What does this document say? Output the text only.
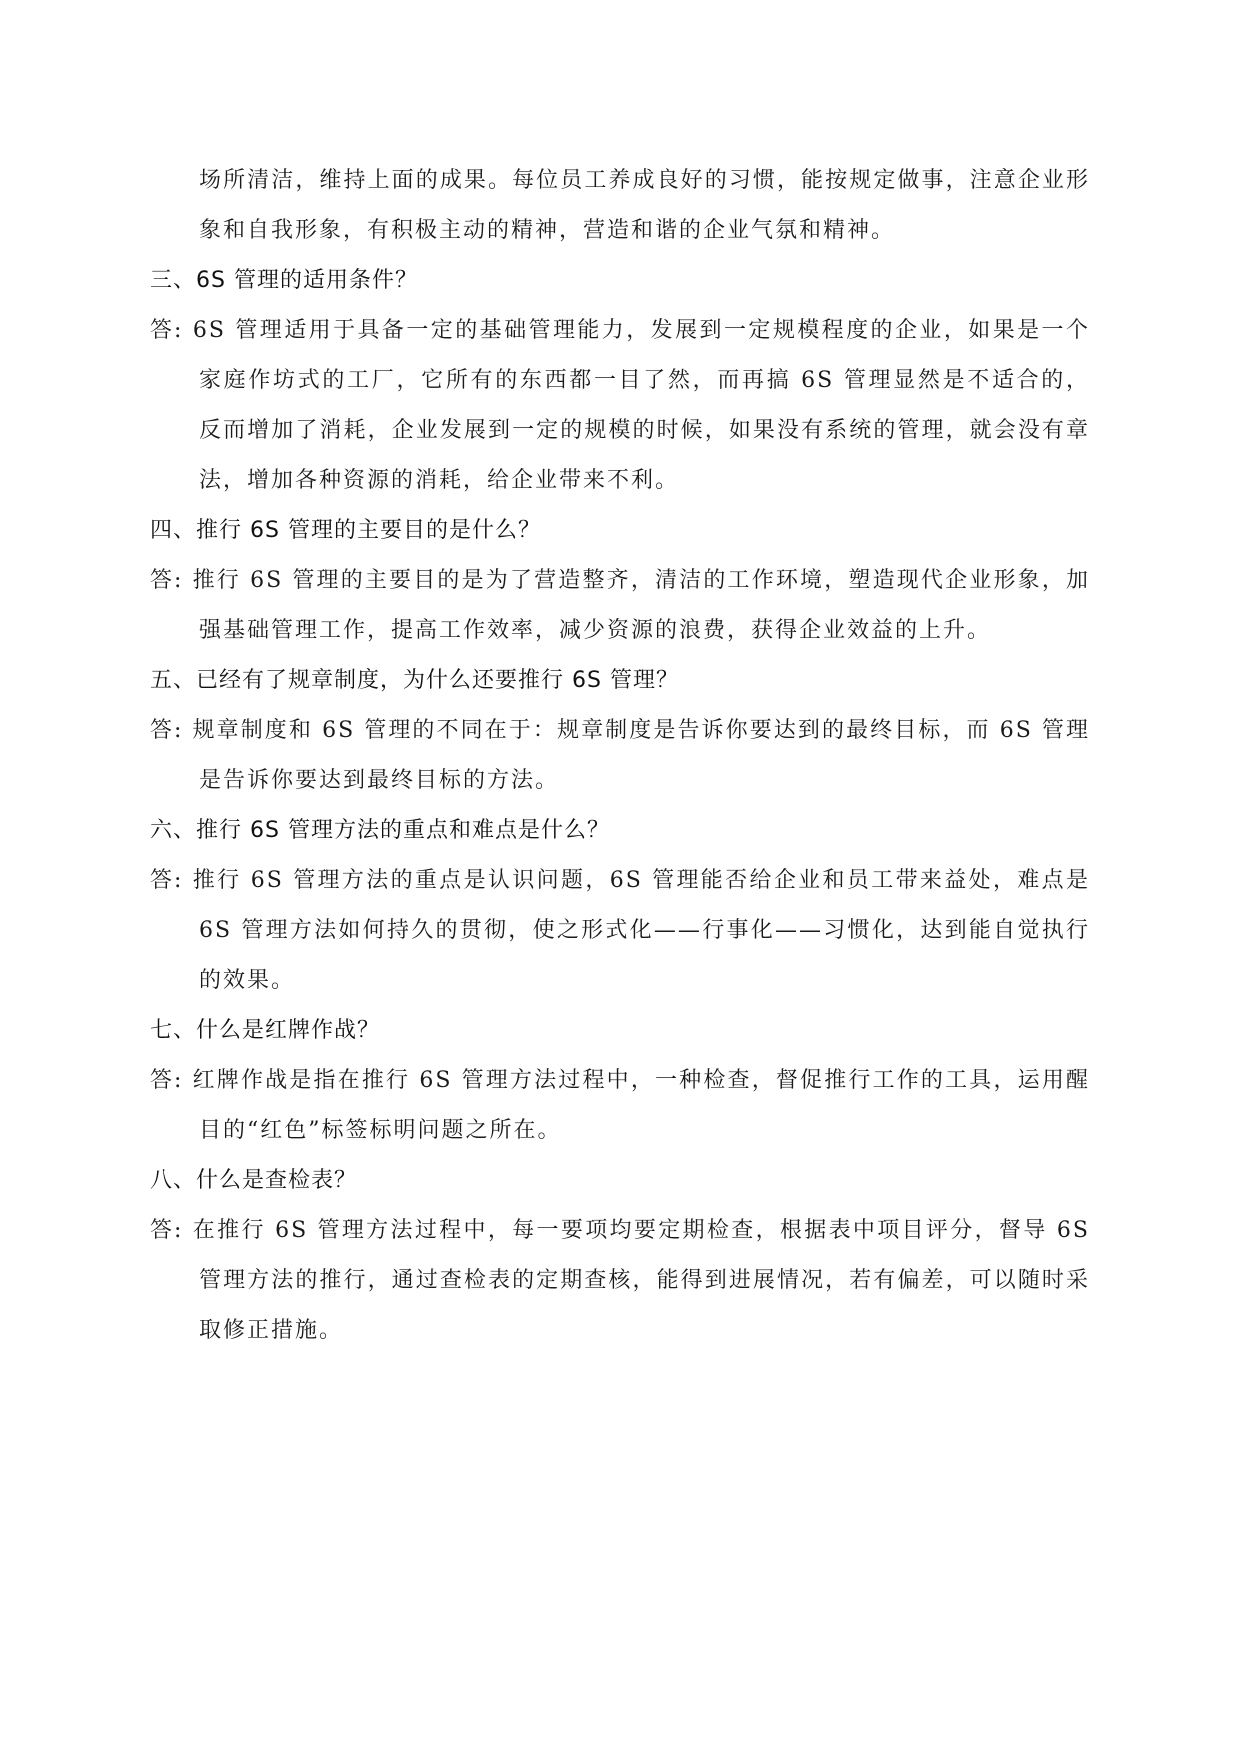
场所清洁，维持上面的成果。每位员工养成良好的习惯，能按规定做事，注意企业形象和自我形象，有积极主动的精神，营造和谐的企业气氛和精神。
三、6S 管理的适用条件？
答: 6S 管理适用于具备一定的基础管理能力，发展到一定规模程度的企业，如果是一个家庭作坊式的工厂，它所有的东西都一目了然，而再搞 6S 管理显然是不适合的，反而增加了消耗，企业发展到一定的规模的时候，如果没有系统的管理，就会没有章法，增加各种资源的消耗，给企业带来不利。
四、推行 6S 管理的主要目的是什么？
答: 推行 6S 管理的主要目的是为了营造整齐，清洁的工作环境，塑造现代企业形象，加强基础管理工作，提高工作效率，减少资源的浪费，获得企业效益的上升。
五、已经有了规章制度，为什么还要推行 6S 管理？
答: 规章制度和 6S 管理的不同在于：规章制度是告诉你要达到的最终目标，而 6S 管理是告诉你要达到最终目标的方法。
六、推行 6S 管理方法的重点和难点是什么？
答: 推行 6S 管理方法的重点是认识问题，6S 管理能否给企业和员工带来益处，难点是 6S 管理方法如何持久的贯彻，使之形式化——行事化——习惯化，达到能自觉执行的效果。
七、什么是红牌作战？
答: 红牌作战是指在推行 6S 管理方法过程中，一种检查，督促推行工作的工具，运用醒目的“红色”标签标明问题之所在。
八、什么是查检表？
答: 在推行 6S 管理方法过程中，每一要项均要定期检查，根据表中项目评分，督导 6S 管理方法的推行，通过查检表的定期查核，能得到进展情况，若有偏差，可以随时采取修正措施。
